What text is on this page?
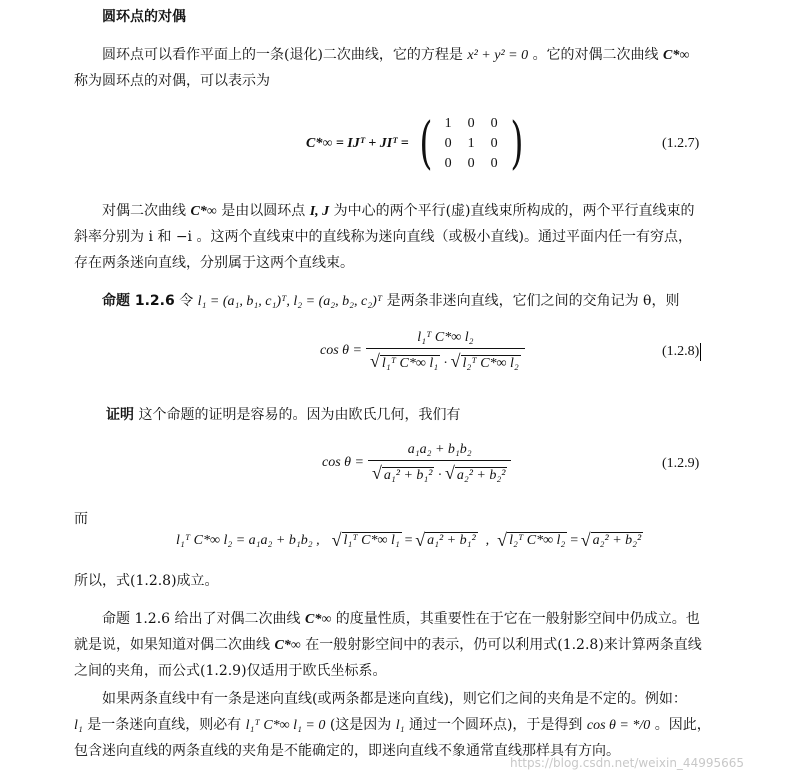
圆环点的对偶
圆环点可以看作平面上的一条(退化)二次曲线，它的方程是 x² + y² = 0 。它的对偶二次曲线 C*∞
称为圆环点的对偶，可以表示为
C*∞ = IJᵀ + JIᵀ = ( 1	0	0
0	1	0
0	0	0 )	(1.2.7)
对偶二次曲线 C*∞ 是由以圆环点 I, J 为中心的两个平行(虚)直线束所构成的，两个平行直线束的
斜率分别为 i 和 −i 。这两个直线束中的直线称为迷向直线（或极小直线)。通过平面内任一有穷点，
存在两条迷向直线，分别属于这两个直线束。
命题 1.2.6 令 l₁ = (a₁, b₁, c₁)ᵀ, l₂ = (a₂, b₂, c₂)ᵀ 是两条非迷向直线，它们之间的交角记为 θ，则
$\cos \theta = \frac{\text{l₁ᵀ C*∞ l₂}}{\text{√ l₁ᵀ C*∞ l₁ · √ l₂ᵀ C*∞ l₂}}$	(1.2.8)
证明 这个命题的证明是容易的。因为由欧氏几何，我们有
$\cos \theta = \frac{\text{a₁a₂ + b₁b₂}}{\text{√ a₁² + b₁² · √ a₂² + b₂²}}$	(1.2.9)
而
l₁ᵀ C*∞ l₂ = a₁a₂ + b₁b₂ , √ l₁ᵀ C*∞ l₁ = √ a₁² + b₁² , √ l₂ᵀ C*∞ l₂ = √ a₂² + b₂²
所以，式(1.2.8)成立。
命题 1.2.6 给出了对偶二次曲线 C*∞ 的度量性质，其重要性在于它在一般射影空间中仍成立。也
就是说，如果知道对偶二次曲线 C*∞ 在一般射影空间中的表示，仍可以利用式(1.2.8)来计算两条直线
之间的夹角，而公式(1.2.9)仅适用于欧氏坐标系。
如果两条直线中有一条是迷向直线(或两条都是迷向直线)，则它们之间的夹角是不定的。例如：
l₁ 是一条迷向直线，则必有 l₁ᵀ C*∞ l₁ = 0 (这是因为 l₁ 通过一个圆环点)，于是得到 cos θ = */0 。因此，
包含迷向直线的两条直线的夹角是不能确定的，即迷向直线不象通常直线那样具有方向。
https://blog.csdn.net/weixin_44995665
